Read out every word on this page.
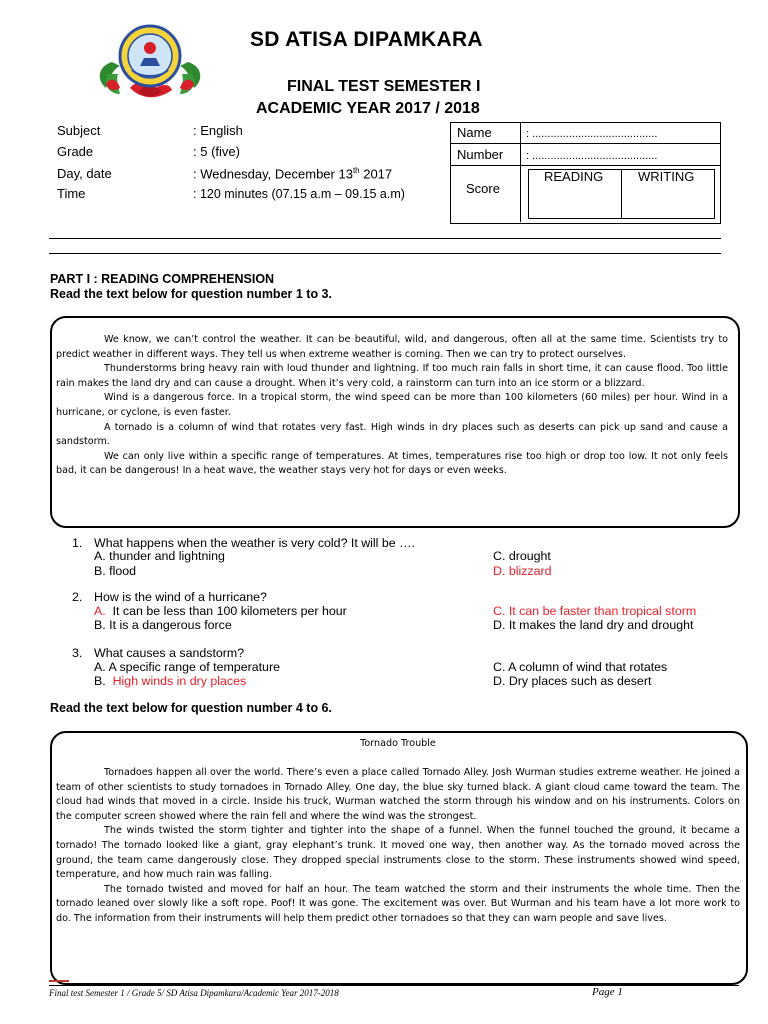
SD ATISA DIPAMKARA
FINAL TEST SEMESTER I
ACADEMIC YEAR 2017 / 2018
Subject	: English
Grade	: 5 (five)
Day, date	: Wednesday, December 13th 2017
Time	: 120 minutes (07.15 a.m – 09.15 a.m)
Name	: .........................................
Number : .........................................
Score
READING	WRITING
PART I : READING COMPREHENSION
Read the text below for question number 1 to 3.

We know, we can’t control the weather. It can be beautiful, wild, and dangerous, often all at the same time. Scientists try to predict weather in different ways. They tell us when extreme weather is coming. Then we can try to protect ourselves.

Thunderstorms bring heavy rain with loud thunder and lightning. If too much rain falls in short time, it can cause flood. Too little rain makes the land dry and can cause a drought. When it’s very cold, a rainstorm can turn into an ice storm or a blizzard.

Wind is a dangerous force. In a tropical storm, the wind speed can be more than 100 kilometers (60 miles) per hour. Wind in a hurricane, or cyclone, is even faster.

A tornado is a column of wind that rotates very fast. High winds in dry places such as deserts can pick up sand and cause a sandstorm.

We can only live within a specific range of temperatures. At times, temperatures rise too high or drop too low. It not only feels bad, it can be dangerous! In a heat wave, the weather stays very hot for days or even weeks.

1. What happens when the weather is very cold? It will be ….
A. thunder and lightning
B. flood
C. drought
D. blizzard
2. How is the wind of a hurricane?
A. It can be less than 100 kilometers per hour
B. It is a dangerous force
C. It can be faster than tropical storm
D. It makes the land dry and drought
3. What causes a sandstorm?
A. A specific range of temperature
B. High winds in dry places
C. A column of wind that rotates
D. Dry places such as desert
Read the text below for question number 4 to 6.
Tornado Trouble

Tornadoes happen all over the world. There’s even a place called Tornado Alley. Josh Wurman studies extreme weather. He joined a team of other scientists to study tornadoes in Tornado Alley. One day, the blue sky turned black. A giant cloud came toward the team. The cloud had winds that moved in a circle. Inside his truck, Wurman watched the storm through his window and on his instruments. Colors on the computer screen showed where the rain fell and where the wind was the strongest.

The winds twisted the storm tighter and tighter into the shape of a funnel. When the funnel touched the ground, it became a tornado! The tornado looked like a giant, gray elephant’s trunk. It moved one way, then another way. As the tornado moved across the ground, the team came dangerously close. They dropped special instruments close to the storm. These instruments showed wind speed, temperature, and how much rain was falling.

The tornado twisted and moved for half an hour. The team watched the storm and their instruments the whole time. Then the tornado leaned over slowly like a soft rope. Poof! It was gone. The excitement was over. But Wurman and his team have a lot more work to do. The information from their instruments will help them predict other tornadoes so that they can warn people and save lives.

Final test Semester 1 / Grade 5/ SD Atisa Dipamkara/Academic Year 2017-2018	Page 1
